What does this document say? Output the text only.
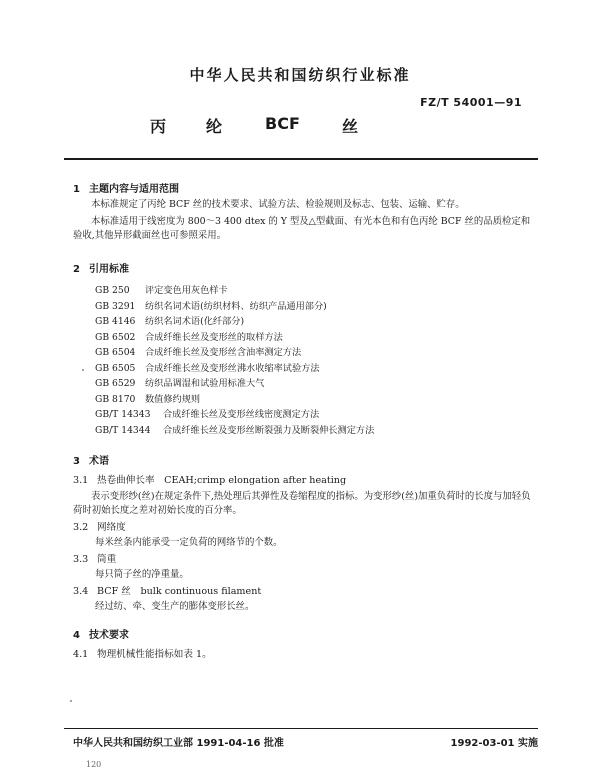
中华人民共和国纺织行业标准
FZ/T 54001—91
丙 纶	BCF	丝
1 主题内容与适用范围
本标准规定了丙纶 BCF 丝的技术要求、试验方法、检验规则及标志、包装、运输、贮存。
本标准适用于线密度为 800～3 400 dtex 的 Y 型及△型截面、有光本色和有色丙纶 BCF 丝的品质检定和验收,其他异形截面丝也可参照采用。
2 引用标准
GB 250 评定变色用灰色样卡
GB 3291 纺织名词术语(纺织材料、纺织产品通用部分)
GB 4146 纺织名词术语(化纤部分)
GB 6502 合成纤维长丝及变形丝的取样方法
GB 6504 合成纤维长丝及变形丝含油率测定方法
GB 6505 合成纤维长丝及变形丝沸水收缩率试验方法
GB 6529 纺织品调湿和试验用标准大气
GB 8170 数值修约规则
GB/T 14343 合成纤维长丝及变形丝线密度测定方法
GB/T 14344 合成纤维长丝及变形丝断裂强力及断裂伸长测定方法
3 术语
3.1 热卷曲伸长率　CEAH;crimp elongation after heating
表示变形纱(丝)在规定条件下,热处理后其弹性及卷缩程度的指标。为变形纱(丝)加重负荷时的长度与加轻负荷时初始长度之差对初始长度的百分率。
3.2 网络度
每米丝条内能承受一定负荷的网络节的个数。
3.3 筒重
每只筒子丝的净重量。
3.4 BCF 丝　bulk continuous filament
经过纺、牵、变生产的膨体变形长丝。
4 技术要求
4.1 物理机械性能指标如表 1。
中华人民共和国纺织工业部 1991-04-16 批准	1992-03-01 实施
120
